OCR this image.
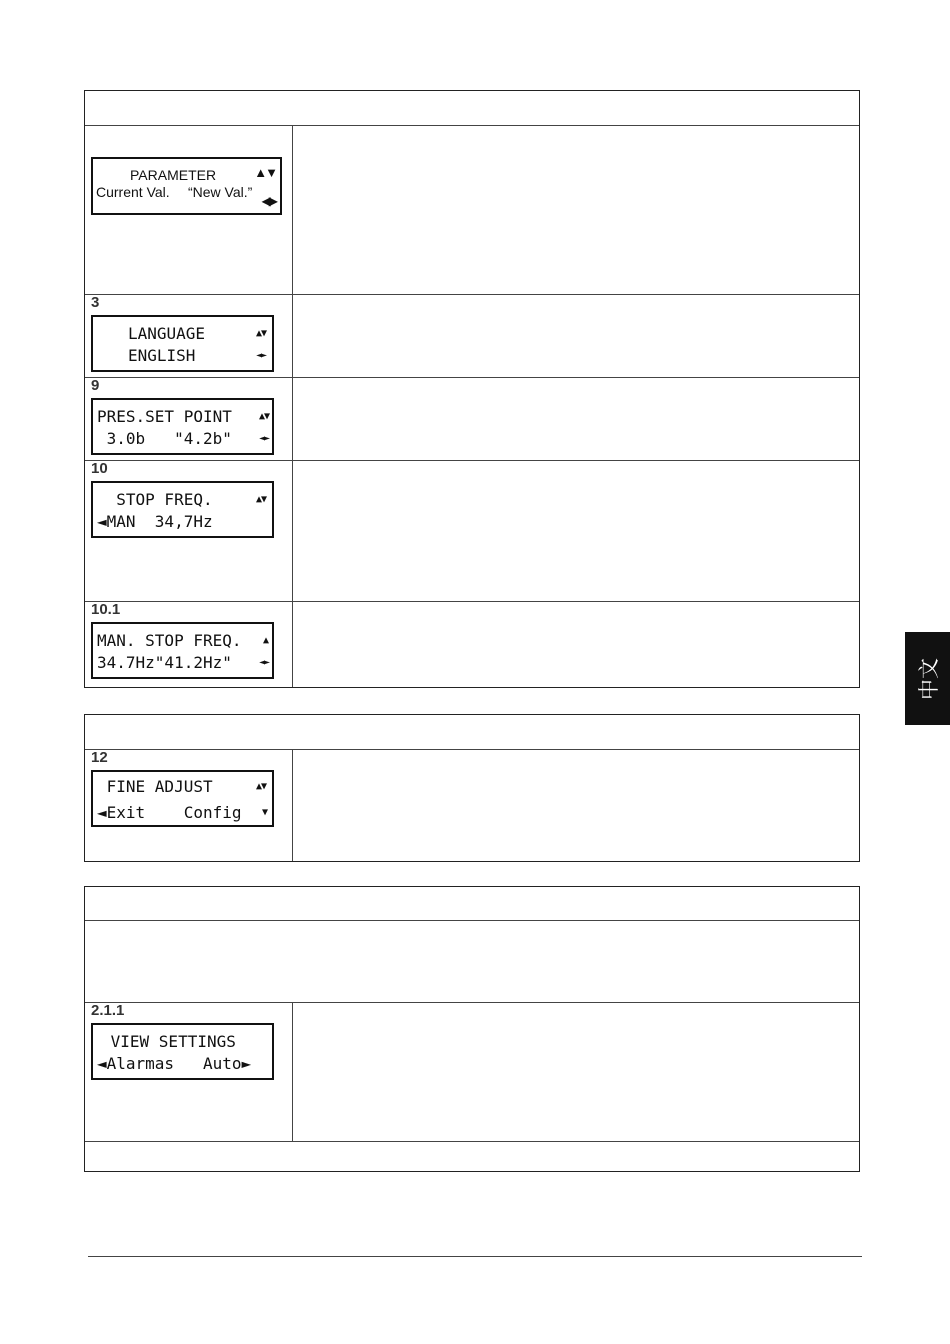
中文
PARAMETER
Current Val. “New Val.”
▲▼
◀▶
3
LANGUAGE
ENGLISH
▲▼
◄►
9
PRES.SET POINT
3.0b   "4.2b"
▲▼
◄►
10
STOP FREQ.
◄MAN  34,7Hz
▲▼
10.1
MAN. STOP FREQ.
34.7Hz"41.2Hz"
▲
◄►
12
FINE ADJUST
◄Exit    Config
▲▼
▼
2.1.1
VIEW SETTINGS
◄Alarmas   Auto►
